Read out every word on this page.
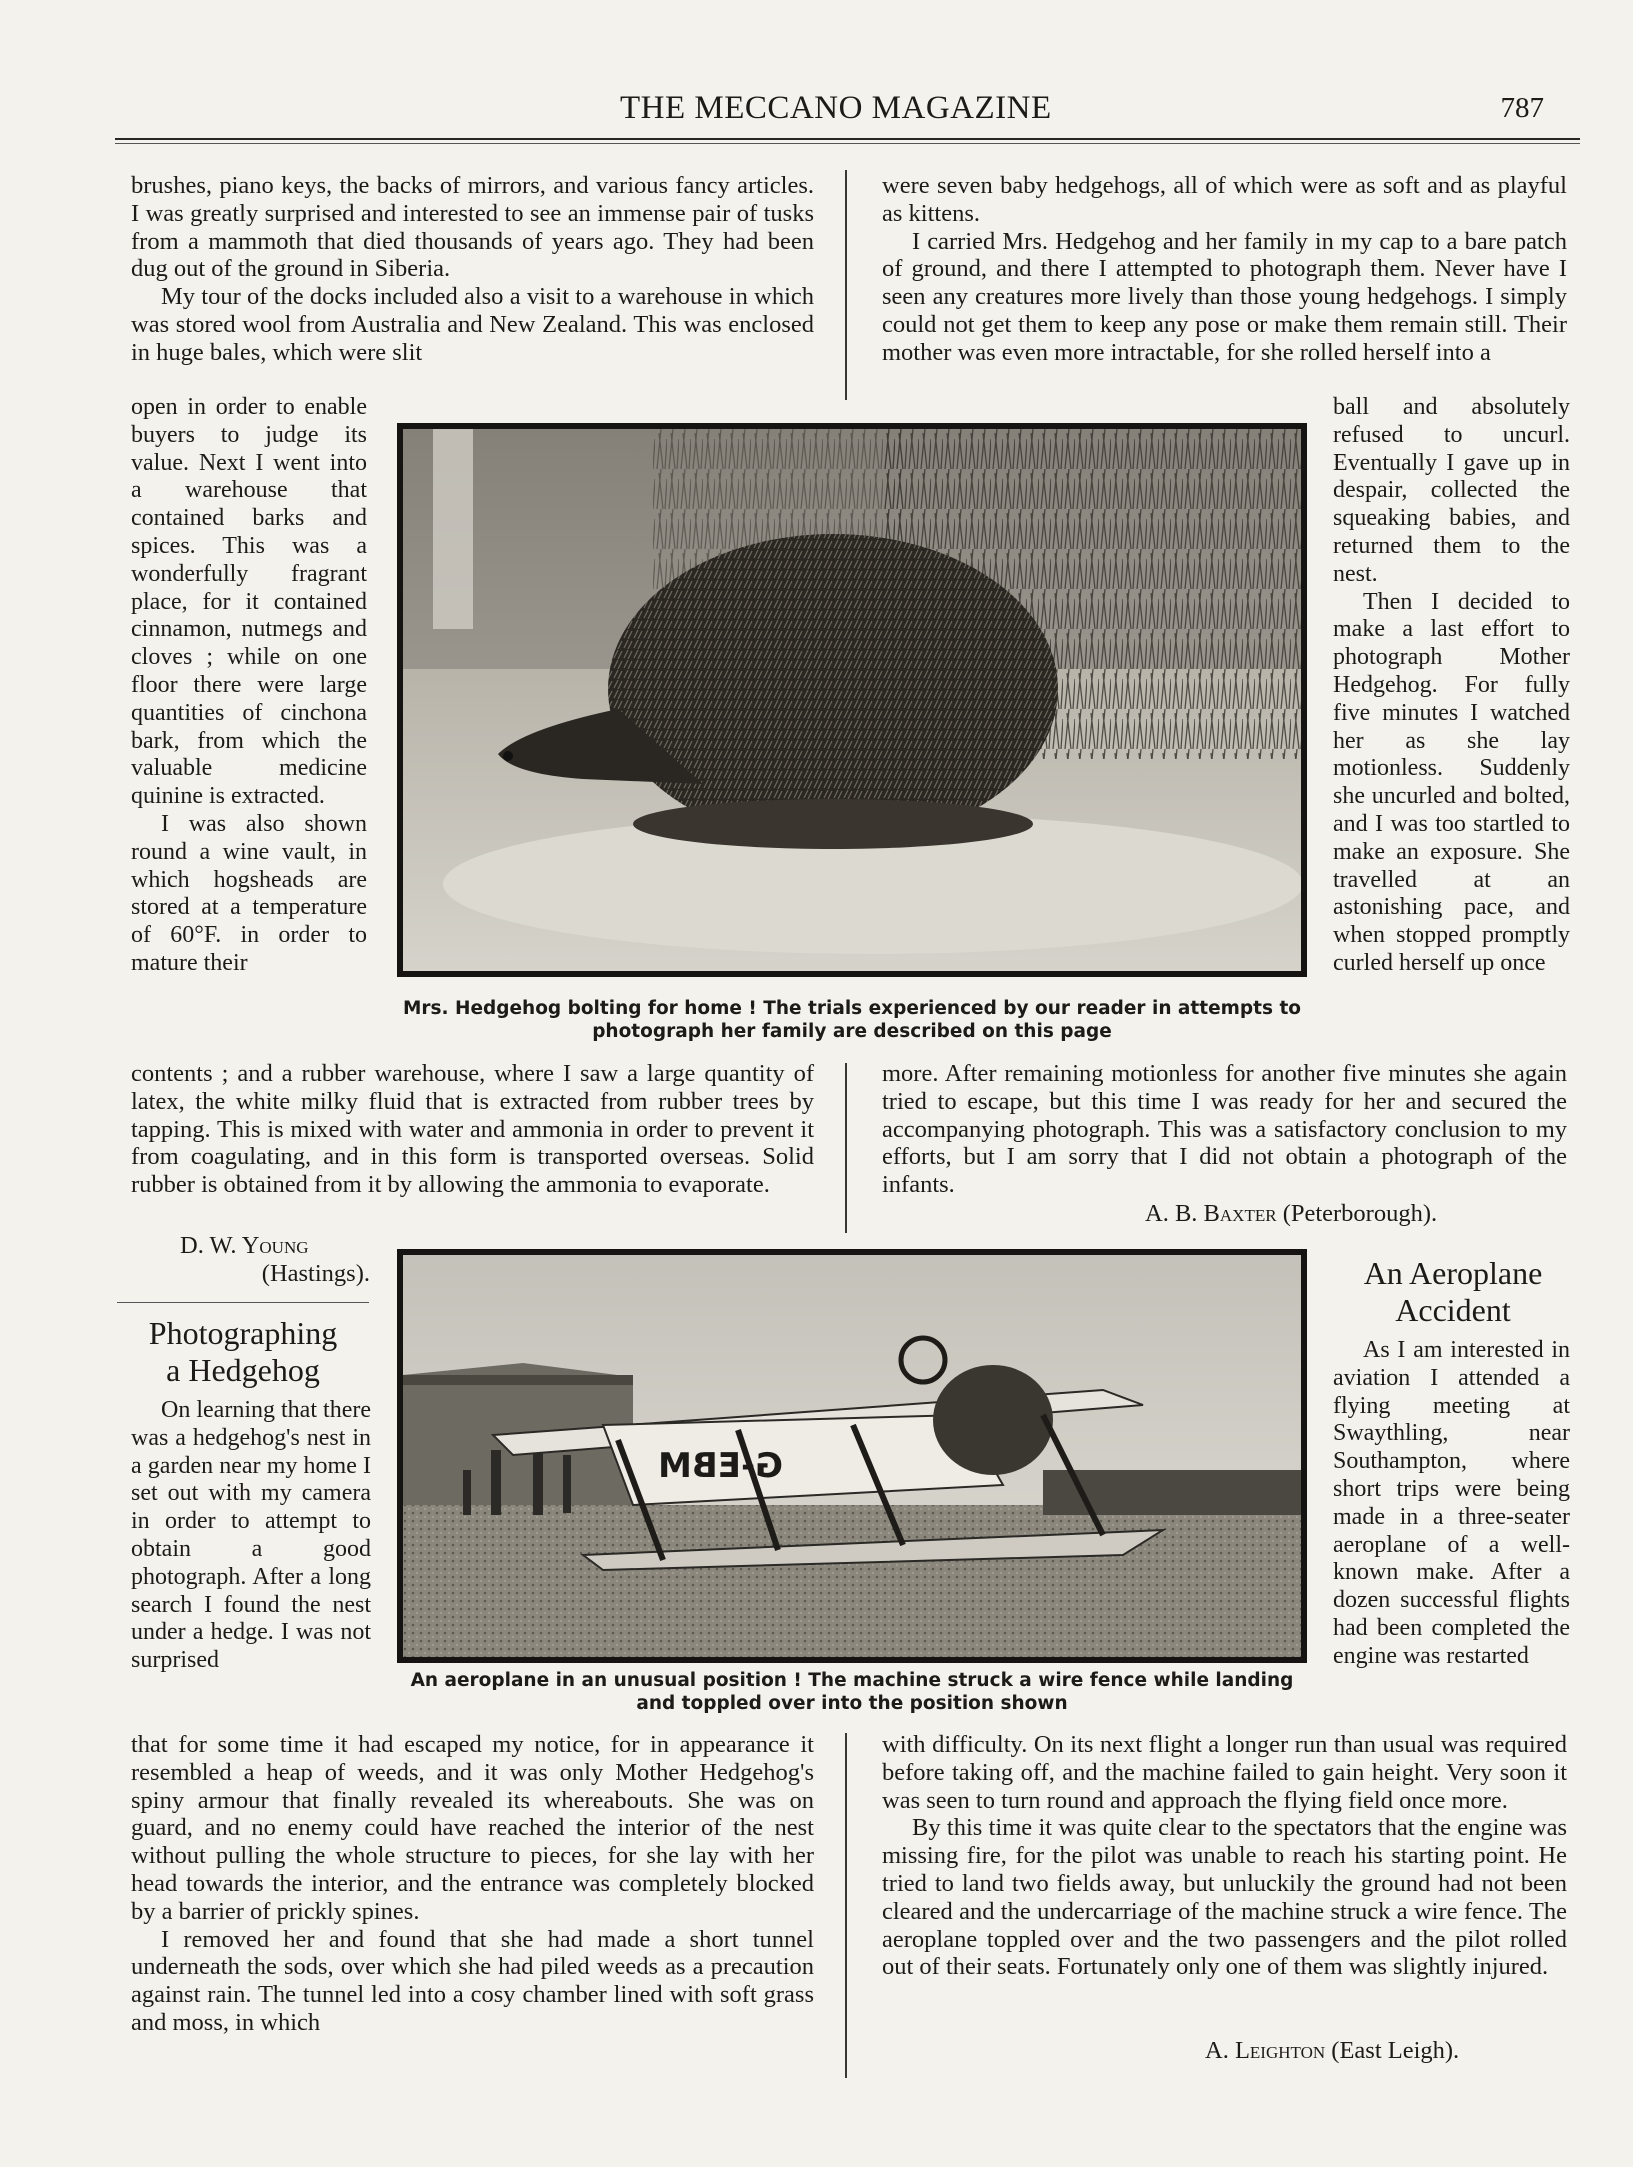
THE MECCANO MAGAZINE	787

brushes, piano keys, the backs of mirrors, and various fancy articles. I was greatly surprised and interested to see an immense pair of tusks from a mammoth that died thousands of years ago. They had been dug out of the ground in Siberia.

My tour of the docks included also a visit to a warehouse in which was stored wool from Australia and New Zealand. This was enclosed in huge bales, which were slit

open in order to enable buyers to judge its value. Next I went into a warehouse that contained barks and spices. This was a wonderfully fragrant place, for it contained cinnamon, nutmegs and cloves ; while on one floor there were large quantities of cinchona bark, from which the valuable medicine quinine is extracted.

I was also shown round a wine vault, in which hogsheads are stored at a temperature of 60°F. in order to mature their

Mrs. Hedgehog bolting for home ! The trials experienced by our reader in attempts to
photograph her family are described on this page

were seven baby hedgehogs, all of which were as soft and as playful as kittens.

I carried Mrs. Hedgehog and her family in my cap to a bare patch of ground, and there I attempted to photograph them. Never have I seen any creatures more lively than those young hedgehogs. I simply could not get them to keep any pose or make them remain still. Their mother was even more intractable, for she rolled herself into a

ball and absolutely refused to uncurl. Eventually I gave up in despair, collected the squeaking babies, and returned them to the nest.

Then I decided to make a last effort to photograph Mother Hedgehog. For fully five minutes I watched her as she lay motionless. Suddenly she uncurled and bolted, and I was too startled to make an exposure. She travelled at an astonishing pace, and when stopped promptly curled herself up once

contents ; and a rubber warehouse, where I saw a large quantity of latex, the white milky fluid that is extracted from rubber trees by tapping. This is mixed with water and ammonia in order to prevent it from coagulating, and in this form is transported overseas. Solid rubber is obtained from it by allowing the ammonia to evaporate.

D. W. Young
(Hastings).

more. After remaining motionless for another five minutes she again tried to escape, but this time I was ready for her and secured the accompanying photograph. This was a satisfactory conclusion to my efforts, but I am sorry that I did not obtain a photograph of the infants.

A. B. Baxter (Peterborough).
Photographing
a Hedgehog

On learning that there was a hedgehog's nest in a garden near my home I set out with my camera in order to attempt to obtain a good photograph. After a long search I found the nest under a hedge. I was not surprised

G-EBM
An aeroplane in an unusual position ! The machine struck a wire fence while landing
and toppled over into the position shown
An Aeroplane
Accident

As I am interested in aviation I attended a flying meeting at Swaythling, near Southampton, where short trips were being made in a three-seater aeroplane of a well-known make. After a dozen successful flights had been completed the engine was restarted

that for some time it had escaped my notice, for in appearance it resembled a heap of weeds, and it was only Mother Hedgehog's spiny armour that finally revealed its whereabouts. She was on guard, and no enemy could have reached the interior of the nest without pulling the whole structure to pieces, for she lay with her head towards the interior, and the entrance was completely blocked by a barrier of prickly spines.

I removed her and found that she had made a short tunnel underneath the sods, over which she had piled weeds as a precaution against rain. The tunnel led into a cosy chamber lined with soft grass and moss, in which

with difficulty. On its next flight a longer run than usual was required before taking off, and the machine failed to gain height. Very soon it was seen to turn round and approach the flying field once more.

By this time it was quite clear to the spectators that the engine was missing fire, for the pilot was unable to reach his starting point. He tried to land two fields away, but unluckily the ground had not been cleared and the undercarriage of the machine struck a wire fence. The aeroplane toppled over and the two passengers and the pilot rolled out of their seats. Fortunately only one of them was slightly injured.

A. Leighton (East Leigh).
